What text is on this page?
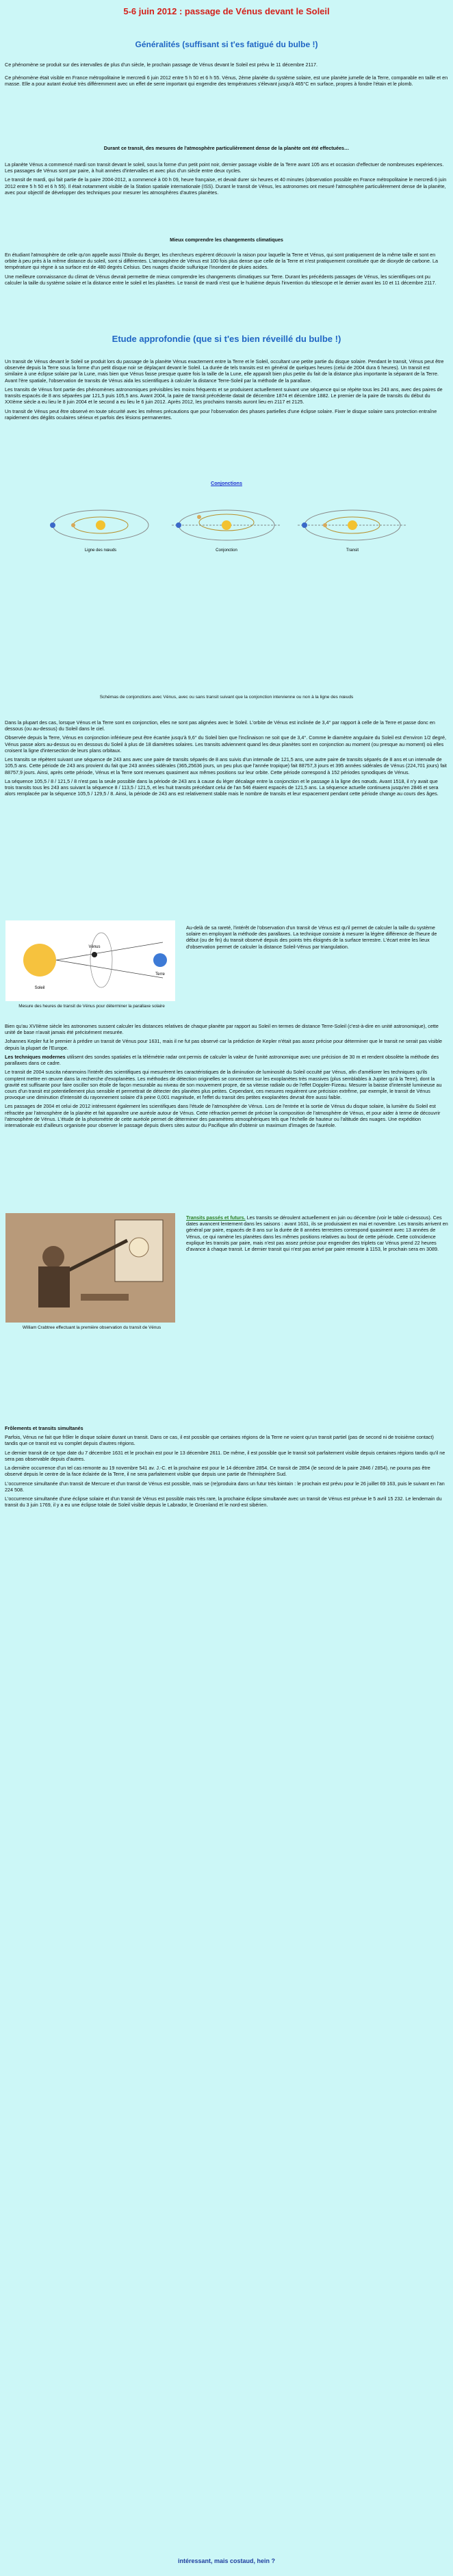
5-6 juin 2012 : passage de Vénus devant le Soleil
Généralités (suffisant si t'es fatigué du bulbe !)

Ce phénomène se produit sur des intervalles de plus d'un siècle, le prochain passage de Vénus devant le Soleil est prévu le 11 décembre 2117.

Ce phénomène était visible en France métropolitaine le mercredi 6 juin 2012 entre 5 h 50 et 6 h 55. Vénus, 2ème planète du système solaire, est une planète jumelle de la Terre, comparable en taille et en masse. Elle a pour autant évolué très différemment avec un effet de serre important qui engendre des températures s'élevant jusqu'à 465°C en surface, propres à fondre l'étain et le plomb.

Durant ce transit, des mesures de l'atmosphère particulièrement dense de la planète ont été effectuées…

La planète Vénus a commencé mardi son transit devant le soleil, sous la forme d'un petit point noir, dernier passage visible de la Terre avant 105 ans et occasion d'effectuer de nombreuses expériences. Les passages de Vénus sont par paire, à huit années d'intervalles et avec plus d'un siècle entre deux cycles.

Le transit de mardi, qui fait partie de la paire 2004-2012, a commencé à 00 h 09, heure française, et devait durer six heures et 40 minutes (observation possible en France métropolitaine le mercredi 6 juin 2012 entre 5 h 50 et 6 h 55). Il était notamment visible de la Station spatiale internationale (ISS). Durant le transit de Vénus, les astronomes ont mesuré l'atmosphère particulièrement dense de la planète, avec pour objectif de développer des techniques pour mesurer les atmosphères d'autres planètes.

Mieux comprendre les changements climatiques

En étudiant l'atmosphère de celle qu'on appelle aussi l'Etoile du Berger, les chercheurs espèrent découvrir la raison pour laquelle la Terre et Vénus, qui sont pratiquement de la même taille et sont en orbite à peu près à la même distance du soleil, sont si différentes. L'atmosphère de Vénus est 100 fois plus dense que celle de la Terre et n'est pratiquement constituée que de dioxyde de carbone. La température qui règne à sa surface est de 480 degrés Celsius. Des nuages d'acide sulfurique l'inondent de pluies acides.

Une meilleure connaissance du climat de Vénus devrait permettre de mieux comprendre les changements climatiques sur Terre. Durant les précédents passages de Vénus, les scientifiques ont pu calculer la taille du système solaire et la distance entre le soleil et les planètes. Le transit de mardi n'est que le huitième depuis l'invention du télescope et le dernier avant les 10 et 11 décembre 2117.

Etude approfondie (que si t'es bien réveillé du bulbe !)

Un transit de Vénus devant le Soleil se produit lors du passage de la planète Vénus exactement entre la Terre et le Soleil, occultant une petite partie du disque solaire. Pendant le transit, Vénus peut être observée depuis la Terre sous la forme d'un petit disque noir se déplaçant devant le Soleil. La durée de tels transits est en général de quelques heures (celui de 2004 dura 6 heures). Un transit est similaire à une éclipse solaire par la Lune, mais bien que Vénus fasse presque quatre fois la taille de la Lune, elle apparaît bien plus petite du fait de la distance plus importante la séparant de la Terre. Avant l'ère spatiale, l'observation de transits de Vénus aida les scientifiques à calculer la distance Terre-Soleil par la méthode de la parallaxe.

Les transits de Vénus font partie des phénomènes astronomiques prévisibles les moins fréquents et se produisent actuellement suivant une séquence qui se répète tous les 243 ans, avec des paires de transits espacés de 8 ans séparées par 121,5 puis 105,5 ans. Avant 2004, la paire de transit précédente datait de décembre 1874 et décembre 1882. Le premier de la paire de transits du début du XXIème siècle a eu lieu le 8 juin 2004 et le second a eu lieu le 6 juin 2012. Après 2012, les prochains transits auront lieu en 2117 et 2125.

Un transit de Vénus peut être observé en toute sécurité avec les mêmes précautions que pour l'observation des phases partielles d'une éclipse solaire. Fixer le disque solaire sans protection entraîne rapidement des dégâts oculaires sérieux et parfois des lésions permanentes.

Conjonctions
Ligne des nœuds	Conjonction	Transit
Schémas de conjonctions avec Vénus, avec ou sans transit suivant que la conjonction intervienne ou non à la ligne des nœuds

Dans la plupart des cas, lorsque Vénus et la Terre sont en conjonction, elles ne sont pas alignées avec le Soleil. L'orbite de Vénus est inclinée de 3,4° par rapport à celle de la Terre et passe donc en dessous (ou au-dessus) du Soleil dans le ciel.

Observée depuis la Terre, Vénus en conjonction inférieure peut être écartée jusqu'à 9,6° du Soleil bien que l'inclinaison ne soit que de 3,4°. Comme le diamètre angulaire du Soleil est d'environ 1/2 degré, Vénus passe alors au-dessus ou en dessous du Soleil à plus de 18 diamètres solaires. Les transits adviennent quand les deux planètes sont en conjonction au moment (ou presque au moment) où elles croisent la ligne d'intersection de leurs plans orbitaux.

Les transits se répètent suivant une séquence de 243 ans avec une paire de transits séparés de 8 ans suivis d'un intervalle de 121,5 ans, une autre paire de transits séparés de 8 ans et un intervalle de 105,5 ans. Cette période de 243 ans provient du fait que 243 années sidérales (365,25636 jours, un peu plus que l'année tropique) fait 88757,3 jours et 395 années sidérales de Vénus (224,701 jours) fait 88757,9 jours. Ainsi, après cette période, Vénus et la Terre sont revenues quasiment aux mêmes positions sur leur orbite. Cette période correspond à 152 périodes synodiques de Vénus.

La séquence 105,5 / 8 / 121,5 / 8 n'est pas la seule possible dans la période de 243 ans à cause du léger décalage entre la conjonction et le passage à la ligne des nœuds. Avant 1518, il n'y avait que trois transits tous les 243 ans suivant la séquence 8 / 113,5 / 121,5, et les huit transits précédant celui de l'an 546 étaient espacés de 121,5 ans. La séquence actuelle continuera jusqu'en 2846 et sera alors remplacée par la séquence 105,5 / 129,5 / 8. Ainsi, la période de 243 ans est relativement stable mais le nombre de transits et leur espacement pendant cette période change au cours des âges.

Soleil
Vénus
Terre
Mesure des heures de transit de Vénus pour déterminer la parallaxe solaire

Au-delà de sa rareté, l'intérêt de l'observation d'un transit de Vénus est qu'il permet de calculer la taille du système solaire en employant la méthode des parallaxes. La technique consiste à mesurer la légère différence de l'heure de début (ou de fin) du transit observé depuis des points très éloignés de la surface terrestre. L'écart entre les lieux d'observation permet de calculer la distance Soleil-Vénus par triangulation.

Bien qu'au XVIIème siècle les astronomes sussent calculer les distances relatives de chaque planète par rapport au Soleil en termes de distance Terre-Soleil (c'est-à-dire en unité astronomique), cette unité de base n'avait jamais été précisément mesurée.

Johannes Kepler fut le premier à prédire un transit de Vénus pour 1631, mais il ne fut pas observé car la prédiction de Kepler n'était pas assez précise pour déterminer que le transit ne serait pas visible depuis la plupart de l'Europe.

Les techniques modernes utilisent des sondes spatiales et la télémétrie radar ont permis de calculer la valeur de l'unité astronomique avec une précision de 30 m et rendent obsolète la méthode des parallaxes dans ce cadre.

Le transit de 2004 suscita néanmoins l'intérêt des scientifiques qui mesurèrent les caractéristiques de la diminution de luminosité du Soleil occulté par Vénus, afin d'améliorer les techniques qu'ils comptent mettre en œuvre dans la recherche d'exoplanètes. Les méthodes de détection originelles se concentrent sur les exoplanètes très massives (plus semblables à Jupiter qu'à la Terre), dont la gravité est suffisante pour faire osciller son étoile de façon mesurable au niveau de son mouvement propre, de sa vitesse radiale ou de l'effet Doppler-Fizeau. Mesurer la baisse d'intensité lumineuse au cours d'un transit est potentiellement plus sensible et permettrait de détecter des planètes plus petites. Cependant, ces mesures requièrent une précision extrême, par exemple, le transit de Vénus provoque une diminution d'intensité du rayonnement solaire d'à peine 0,001 magnitude, et l'effet du transit des petites exoplanètes devrait être aussi faible.

Les passages de 2004 et celui de 2012 intéressent également les scientifiques dans l'étude de l'atmosphère de Vénus. Lors de l'entrée et la sortie de Vénus du disque solaire, la lumière du Soleil est réfractée par l'atmosphère de la planète et fait apparaître une auréole autour de Vénus. Cette réfraction permet de préciser la composition de l'atmosphère de Vénus, et pour aider à terme de découvrir l'atmosphère de Vénus. L'étude de la photométrie de cette auréole permet de déterminer des paramètres atmosphériques tels que l'échelle de hauteur ou l'altitude des nuages. Une expédition internationale est d'ailleurs organisée pour observer le passage depuis divers sites autour du Pacifique afin d'obtenir un maximum d'images de l'auréole.

William Crabtree effectuant la première observation du transit de Vénus

Transits passés et futurs. Les transits se déroulent actuellement en juin ou décembre (voir le table ci-dessous). Ces dates avancent lentement dans les saisons : avant 1631, ils se produisaient en mai et novembre. Les transits arrivent en général par paire, espacés de 8 ans sur la durée de 8 années terrestres correspond quasiment avec 13 années de Vénus, ce qui ramène les planètes dans les mêmes positions relatives au bout de cette période. Cette coïncidence explique les transits par paire, mais n'est pas assez précise pour engendrer des triplets car Vénus prend 22 heures d'avance à chaque transit. Le dernier transit qui n'est pas arrivé par paire remonte à 1153, le prochain sera en 3089.

Frôlements et transits simultanés

Parfois, Vénus ne fait que frôler le disque solaire durant un transit. Dans ce cas, il est possible que certaines régions de la Terre ne voient qu'un transit partiel (pas de second ni de troisième contact) tandis que ce transit est vu complet depuis d'autres régions.

Le dernier transit de ce type date du 7 décembre 1631 et le prochain est pour le 13 décembre 2611. De même, il est possible que le transit soit parfaitement visible depuis certaines régions tandis qu'il ne sera pas observable depuis d'autres.

La dernière occurrence d'un tel cas remonte au 19 novembre 541 av. J.-C. et la prochaine est pour le 14 décembre 2854. Ce transit de 2854 (le second de la paire 2846 / 2854), ne pourra pas être observé depuis le centre de la face éclairée de la Terre, il ne sera parfaitement visible que depuis une partie de l'hémisphère Sud.

L'occurrence simultanée d'un transit de Mercure et d'un transit de Vénus est possible, mais se (re)produira dans un futur très lointain : le prochain est prévu pour le 26 juillet 69 163, puis le suivant en l'an 224 508.

L'occurrence simultanée d'une éclipse solaire et d'un transit de Vénus est possible mais très rare, la prochaine éclipse simultanée avec un transit de Vénus est prévue le 5 avril 15 232. Le lendemain du transit du 3 juin 1769, il y a eu une éclipse totale de Soleil visible depuis le Labrador, le Groenland et le nord-est sibérien.

intéressant, mais costaud, hein ?
